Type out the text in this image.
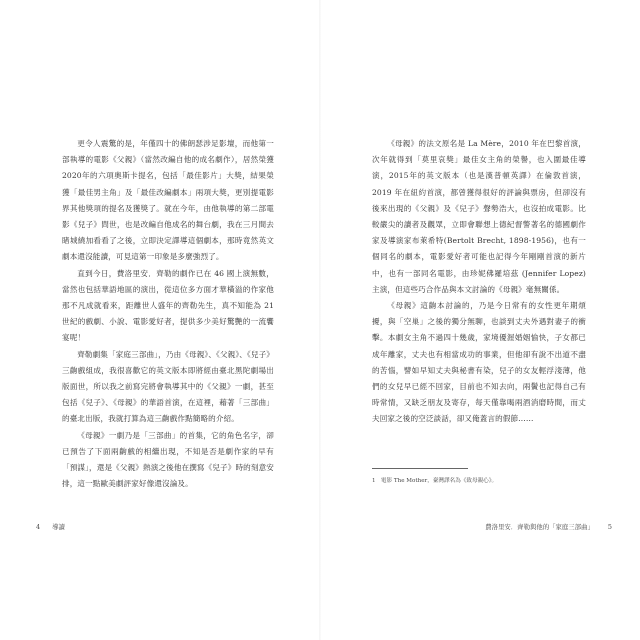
更令人震驚的是，年僅四十的佛朗瑟涉足影壇，而他第一部執導的電影《父親》（當然改編自他的成名劇作），居然榮獲2020年的六項奧斯卡提名，包括「最佳影片」大獎，結果榮獲「最佳男主角」及「最佳改編劇本」兩項大獎，更別提電影界其他獎項的提名及獲獎了。就在今年，由他執導的第二部電影《兒子》問世，也是改編自他成名的舞台劇，我在三月間去睹城繞加看看了之後，立即決定譯導這個劇本，那時竟然英文劇本還沒能讀，可見這第一印象是多麼強烈了。

直到今日，費洛里安．齊勒的劇作已在 46 國上演無數，當然也包括華語地區的演出，從這位多方面才華橫溢的作家他那不凡成就看來，距離世人盛年的齊勒先生，真不知能為 21 世紀的戲劇、小說、電影愛好者，提供多少美好驚艷的一流饗宴呢！

齊勒劇集「家庭三部曲」，乃由《母親》、《父親》、《兒子》三齣戲組成，我很喜歡它的英文版本即將經由臺北黑陀劇場出版面世，所以我之前寫完將會執導其中的《父親》一劇，甚至包括《兒子》、《母親》的華語首演，在這裡，藉著「三部曲」的臺北出版，我就打算為這三齣戲作點簡略的介紹。

《母親》一劇乃是「三部曲」的首集，它的角色名字，卻已預告了下面兩齣戲的相繼出現，不知是否是劇作家的早有「預謀」，還是《父親》熱演之後他在撰寫《兒子》時的刻意安排，這一點歐美劇評家好像還沒論及。

4 導讀

《母親》的法文原名是 La Mère，2010 年在巴黎首演，次年就得到「莫里哀獎」最佳女主角的榮譽，也入圍最佳導演，2015年的英文版本（也是漢普頓英譯）在倫敦首演，2019 年在紐約首演，都曾獲得很好的評論與票房，但卻沒有後來出現的《父親》及《兒子》聲勢浩大，也沒拍成電影。比較嚴尖的讀者及觀眾，立即會聯想上德紀督警著名的德國劇作家及導演家布萊希特(Bertolt Brecht, 1898-1956)，也有一個同名的劇本，電影愛好者可能也記得今年剛剛首演的新片中，也有一部同名電影，由珍妮佛羅培茲 (Jennifer Lopez) 主演，但這些巧合作品與本文討論的《母親》毫無關係。

《母親》這齣本討論的，乃是今日常有的女性更年期煩擾，與「空巢」之後的獨分無聊，也談到丈夫外遇對妻子的衝擊。本劇女主角不過四十幾歲，家境優渥婚姻愉快，子女都已成年離家，丈夫也有相當成功的事業，但他卻有說不出道不盡的苦惱，譬如早知丈夫與秘書有染，兒子的女友輕浮淺薄，他們的女兒早已經不回家，目前也不知去向，兩鬢也記得自己有時常情，又缺乏朋友及寄存，每天僅靠喝兩酒消磨時間，而丈夫回家之後的空泛談話，卻又俺蓋言的假節……

1 電影 The Mother，臺灣譯名為《致母親心》。
費洛里安．齊勒與他的「家庭三部曲」 5
